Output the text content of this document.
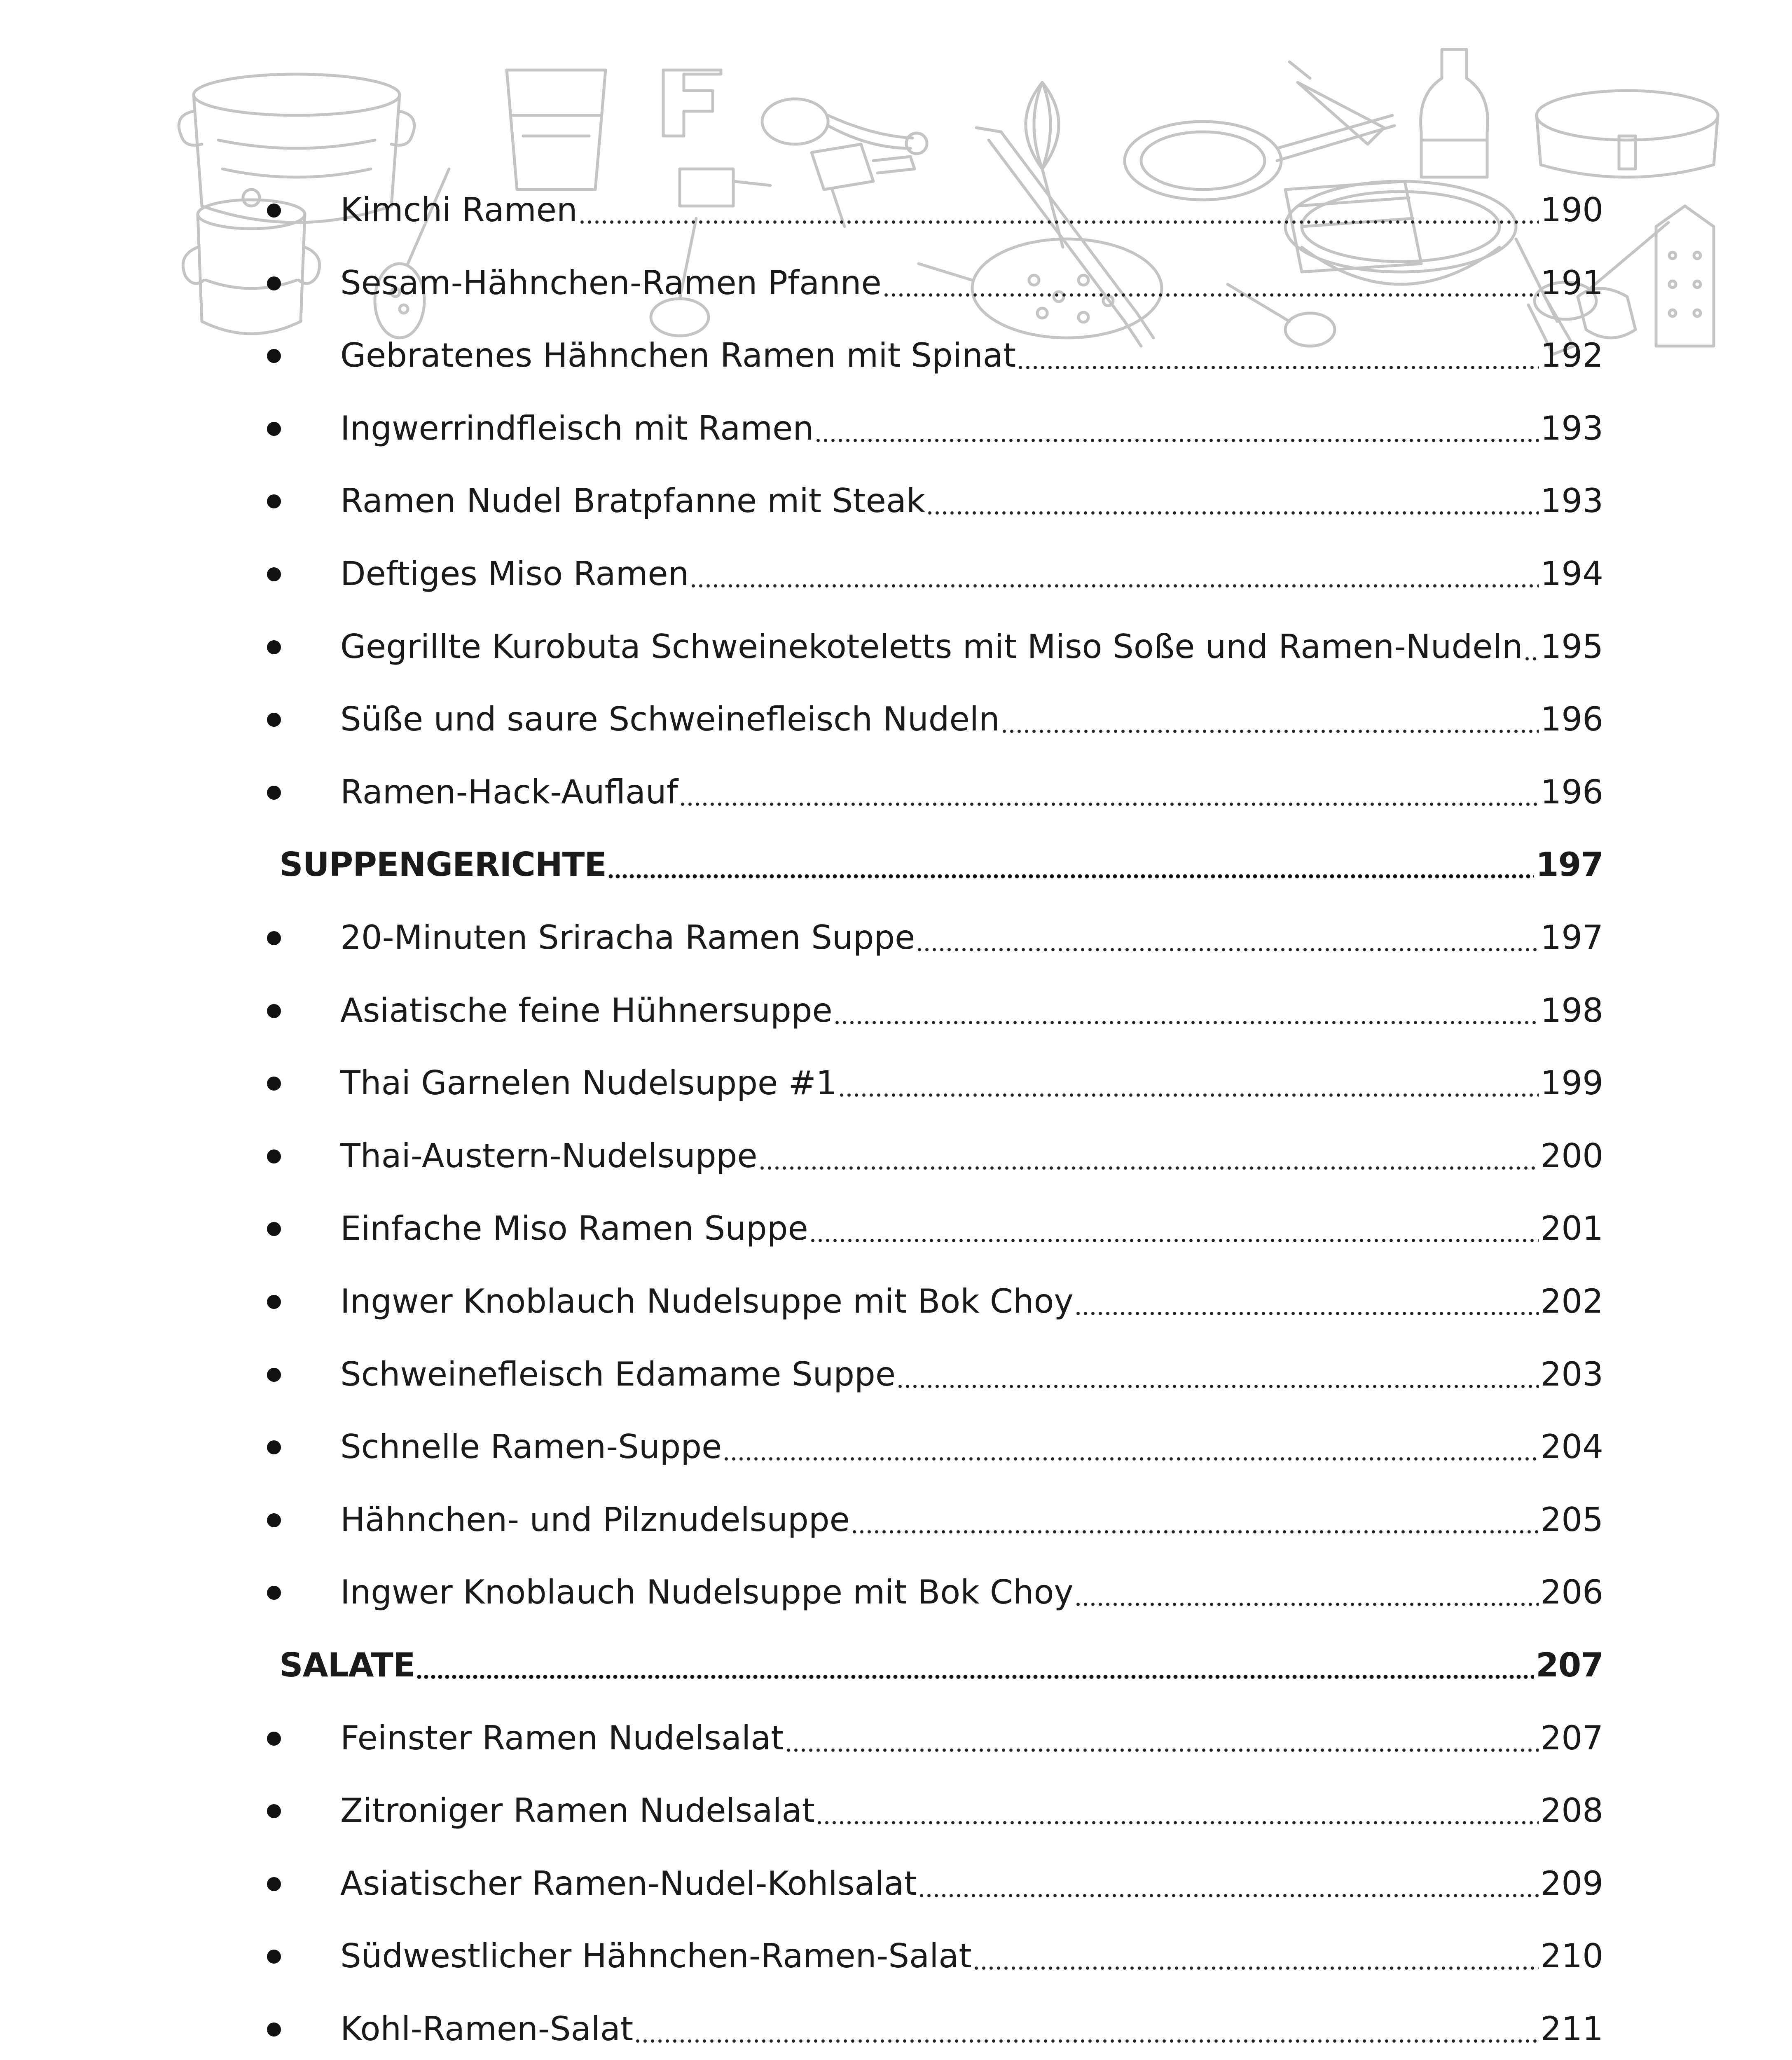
Kimchi Ramen	190
Sesam-Hähnchen-Ramen Pfanne	191
Gebratenes Hähnchen Ramen mit Spinat	192
Ingwerrindfleisch mit Ramen	193
Ramen Nudel Bratpfanne mit Steak	193
Deftiges Miso Ramen	194
Gegrillte Kurobuta Schweinekoteletts mit Miso Soße und Ramen-Nudeln 195
Süße und saure Schweinefleisch Nudeln	196
Ramen-Hack-Auflauf	196
SUPPENGERICHTE	197
20-Minuten Sriracha Ramen Suppe	197
Asiatische feine Hühnersuppe	198
Thai Garnelen Nudelsuppe #1	199
Thai-Austern-Nudelsuppe	200
Einfache Miso Ramen Suppe	201
Ingwer Knoblauch Nudelsuppe mit Bok Choy	202
Schweinefleisch Edamame Suppe	203
Schnelle Ramen-Suppe	204
Hähnchen- und Pilznudelsuppe	205
Ingwer Knoblauch Nudelsuppe mit Bok Choy	206
SALATE	207
Feinster Ramen Nudelsalat	207
Zitroniger Ramen Nudelsalat	208
Asiatischer Ramen-Nudel-Kohlsalat	209
Südwestlicher Hähnchen-Ramen-Salat	210
Kohl-Ramen-Salat	211
